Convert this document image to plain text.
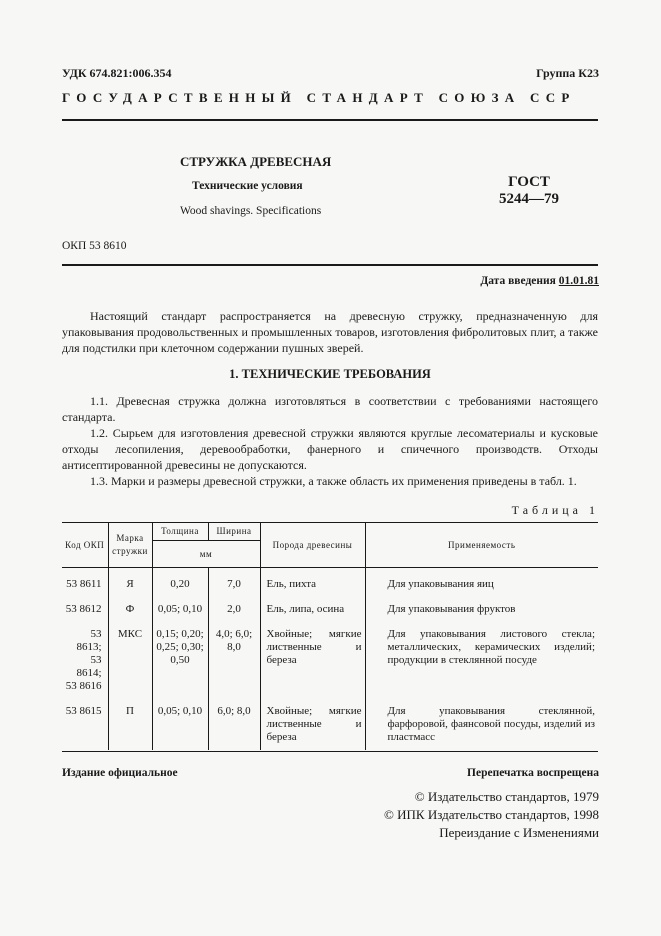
УДК 674.821:006.354	Группа К23
ГОСУДАРСТВЕННЫЙ СТАНДАРТ СОЮЗА ССР
СТРУЖКА ДРЕВЕСНАЯ
Технические условия
Wood shavings. Specifications
ГОСТ
5244—79
ОКП 53 8610
Дата введения 01.01.81

Настоящий стандарт распространяется на древесную стружку, предназначенную для упаковывания продовольственных и промышленных товаров, изготовления фибролитовых плит, а также для подстилки при клеточном содержании пушных зверей.

1. ТЕХНИЧЕСКИЕ ТРЕБОВАНИЯ

1.1. Древесная стружка должна изготовляться в соответствии с требованиями настоящего стандарта.

1.2. Сырьем для изготовления древесной стружки являются круглые лесоматериалы и кусковые отходы лесопиления, деревообработки, фанерного и спичечного производств. Отходы антисептированной древесины не допускаются.

1.3. Марки и размеры древесной стружки, а также область их применения приведены в табл. 1.

Таблица 1
Код ОКП	Марка стружки	Толщина	Ширина	Порода древесины	Применяемость
		мм			
53 8611	Я	0,20	7,0	Ель, пихта	Для упаковывания яиц
53 8612	Ф	0,05; 0,10	2,0	Ель, липа, осина	Для упаковывания фруктов
53 8613; 53 8614; 53 8616	МКС	0,15; 0,20; 0,25; 0,30; 0,50	4,0; 6,0; 8,0	Хвойные; мягкие лиственные и береза	Для упаковывания листового стекла; металлических, керамических изделий; продукции в стеклянной посуде
53 8615	П	0,05; 0,10	6,0; 8,0	Хвойные; мягкие лиственные и береза	Для упаковывания стеклянной, фарфоровой, фаянсовой посуды, изделий из пластмасс
Издание официальное	Перепечатка воспрещена
© Издательство стандартов, 1979
© ИПК Издательство стандартов, 1998
Переиздание с Изменениями
